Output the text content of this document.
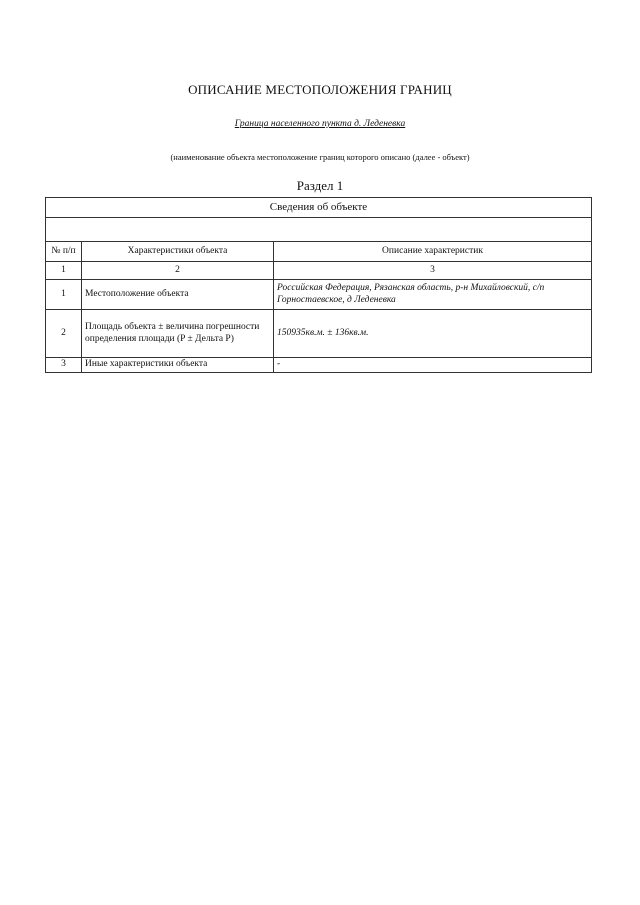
ОПИСАНИЕ МЕСТОПОЛОЖЕНИЯ ГРАНИЦ
Граница населенного пункта д. Леденевка
(наименование объекта местоположение границ которого описано (далее - объект)
Раздел 1
Сведения об объекте		

№ п/п	Характеристики объекта	Описание характеристик
1	2	3
1	Местоположение объекта	Российская Федерация, Рязанская область, р-н Михайловский, с/п Горностаевское, д Леденевка
2	Площадь объекта ± величина погрешности определения площади (P ± Дельта P)	150935кв.м. ± 136кв.м.
3	Иные характеристики объекта	-
